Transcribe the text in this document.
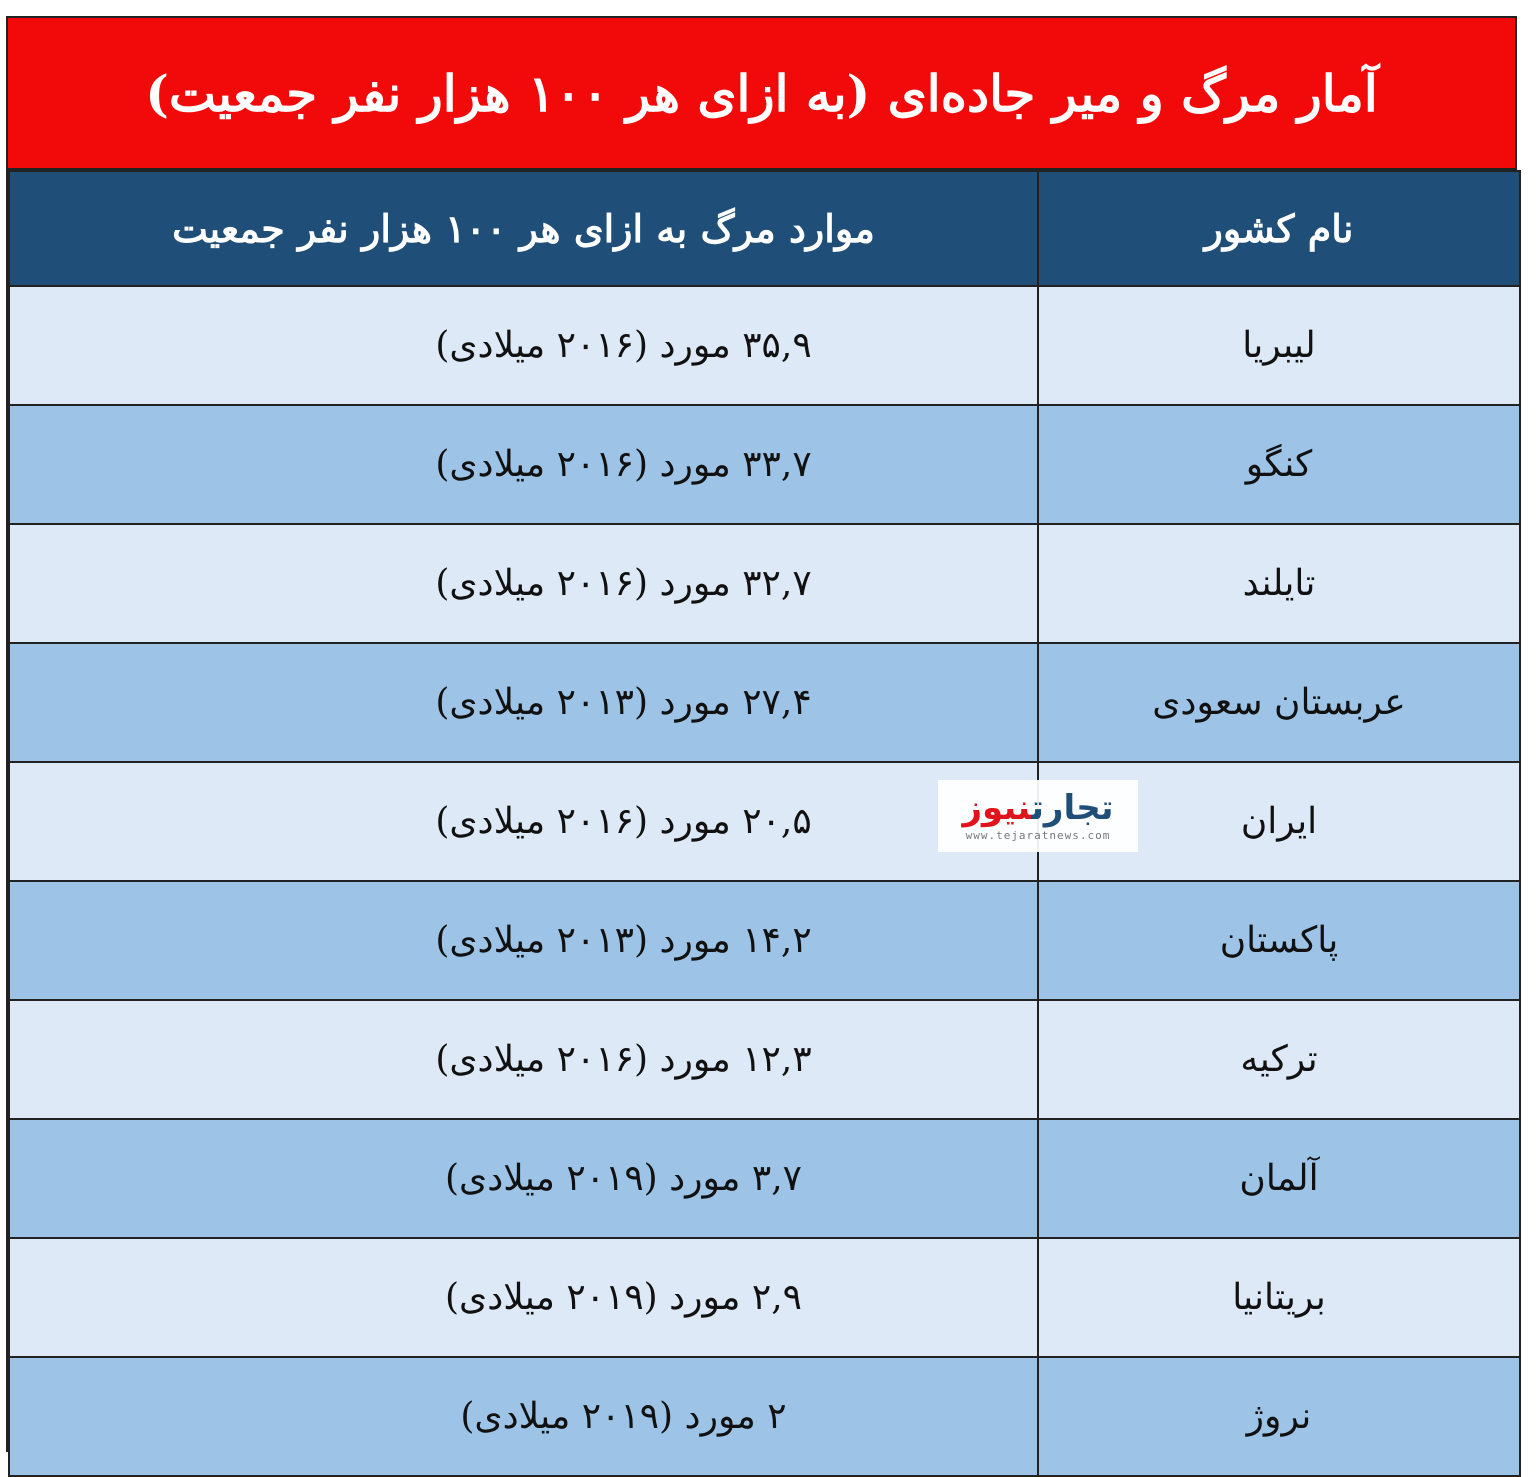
آمار مرگ و میر جاده‌ای (به ازای هر ۱۰۰ هزار نفر جمعیت)
نام کشور	موارد مرگ به ازای هر ۱۰۰ هزار نفر جمعیت
لیبریا	۳۵,۹ مورد (۲۰۱۶ میلادی)
کنگو	۳۳,۷ مورد (۲۰۱۶ میلادی)
تایلند	۳۲,۷ مورد (۲۰۱۶ میلادی)
عربستان سعودی	۲۷,۴ مورد (۲۰۱۳ میلادی)
ایران	۲۰,۵ مورد (۲۰۱۶ میلادی)
پاکستان	۱۴,۲ مورد (۲۰۱۳ میلادی)
ترکیه	۱۲,۳ مورد (۲۰۱۶ میلادی)
آلمان	۳,۷ مورد (۲۰۱۹ میلادی)
بریتانیا	۲,۹ مورد (۲۰۱۹ میلادی)
نروژ	۲ مورد (۲۰۱۹ میلادی)
تجارتنیوز
www.tejaratnews.com
